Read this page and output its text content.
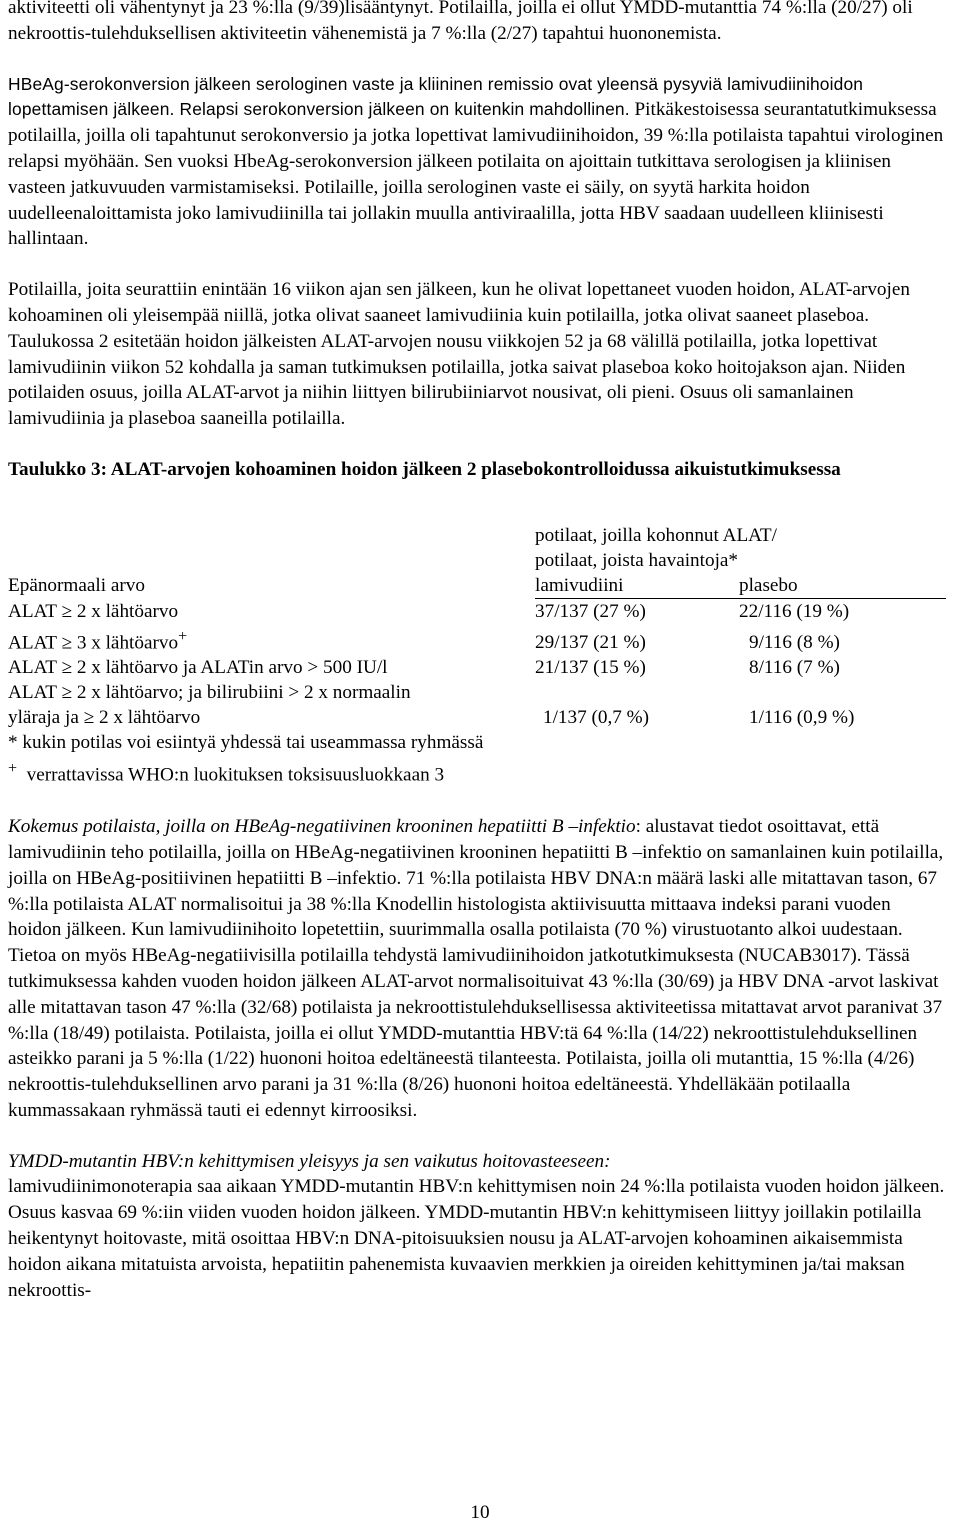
aktiviteetti oli vähentynyt ja 23 %:lla (9/39)lisääntynyt. Potilailla, joilla ei ollut YMDD-mutanttia 74 %:lla (20/27) oli nekroottis-tulehduksellisen aktiviteetin vähenemistä ja 7 %:lla (2/27) tapahtui huononemista.

HBeAg-serokonversion jälkeen serologinen vaste ja kliininen remissio ovat yleensä pysyviä lamivudiinihoidon lopettamisen jälkeen. Relapsi serokonversion jälkeen on kuitenkin mahdollinen. Pitkäkestoisessa seurantatutkimuksessa potilailla, joilla oli tapahtunut serokonversio ja jotka lopettivat lamivudiinihoidon, 39 %:lla potilaista tapahtui virologinen relapsi myöhään. Sen vuoksi HbeAg-serokonversion jälkeen potilaita on ajoittain tutkittava serologisen ja kliinisen vasteen jatkuvuuden varmistamiseksi. Potilaille, joilla serologinen vaste ei säily, on syytä harkita hoidon uudelleenaloittamista joko lamivudiinilla tai jollakin muulla antiviraalilla, jotta HBV saadaan uudelleen kliinisesti hallintaan.

Potilailla, joita seurattiin enintään 16 viikon ajan sen jälkeen, kun he olivat lopettaneet vuoden hoidon, ALAT-arvojen kohoaminen oli yleisempää niillä, jotka olivat saaneet lamivudiinia kuin potilailla, jotka olivat saaneet plaseboa. Taulukossa 2 esitetään hoidon jälkeisten ALAT-arvojen nousu viikkojen 52 ja 68 välillä potilailla, jotka lopettivat lamivudiinin viikon 52 kohdalla ja saman tutkimuksen potilailla, jotka saivat plaseboa koko hoitojakson ajan. Niiden potilaiden osuus, joilla ALAT-arvot ja niihin liittyen bilirubiiniarvot nousivat, oli pieni. Osuus oli samanlainen lamivudiinia ja plaseboa saaneilla potilailla.

Taulukko 3: ALAT-arvojen kohoaminen hoidon jälkeen 2 plasebokontrolloidussa aikuistutkimuksessa

	potilaat, joilla kohonnut ALAT/
potilaat, joista havaintoja*	

Epänormaali arvo	lamivudiini	plasebo
ALAT ≥ 2 x lähtöarvo	37/137 (27 %)	22/116 (19 %)
ALAT ≥ 3 x lähtöarvo+	29/137 (21 %)	9/116 (8 %)
ALAT ≥ 2 x lähtöarvo ja ALATin arvo > 500 IU/l	21/137 (15 %)	8/116 (7 %)

ALAT ≥ 2 x lähtöarvo; ja bilirubiini > 2 x normaalin
yläraja ja ≥ 2 x lähtöarvo	1/137 (0,7 %)	1/116 (0,9 %)
* kukin potilas voi esiintyä yhdessä tai useammassa ryhmässä
+ verrattavissa WHO:n luokituksen toksisuusluokkaan 3

Kokemus potilaista, joilla on HBeAg-negatiivinen krooninen hepatiitti B –infektio: alustavat tiedot osoittavat, että lamivudiinin teho potilailla, joilla on HBeAg-negatiivinen krooninen hepatiitti B –infektio on samanlainen kuin potilailla, joilla on HBeAg-positiivinen hepatiitti B –infektio. 71 %:lla potilaista HBV DNA:n määrä laski alle mitattavan tason, 67 %:lla potilaista ALAT normalisoitui ja 38 %:lla Knodellin histologista aktiivisuutta mittaava indeksi parani vuoden hoidon jälkeen. Kun lamivudiinihoito lopetettiin, suurimmalla osalla potilaista (70 %) virustuotanto alkoi uudestaan. Tietoa on myös HBeAg-negatiivisilla potilailla tehdystä lamivudiinihoidon jatkotutkimuksesta (NUCAB3017). Tässä tutkimuksessa kahden vuoden hoidon jälkeen ALAT-arvot normalisoituivat 43 %:lla (30/69) ja HBV DNA -arvot laskivat alle mitattavan tason 47 %:lla (32/68) potilaista ja nekroottistulehduksellisessa aktiviteetissa mitattavat arvot paranivat 37 %:lla (18/49) potilaista. Potilaista, joilla ei ollut YMDD-mutanttia HBV:tä 64 %:lla (14/22) nekroottistulehduksellinen asteikko parani ja 5 %:lla (1/22) huononi hoitoa edeltäneestä tilanteesta. Potilaista, joilla oli mutanttia, 15 %:lla (4/26) nekroottis-tulehduksellinen arvo parani ja 31 %:lla (8/26) huononi hoitoa edeltäneestä. Yhdelläkään potilaalla kummassakaan ryhmässä tauti ei edennyt kirroosiksi.

YMDD-mutantin HBV:n kehittymisen yleisyys ja sen vaikutus hoitovasteeseen:

lamivudiinimonoterapia saa aikaan YMDD-mutantin HBV:n kehittymisen noin 24 %:lla potilaista vuoden hoidon jälkeen. Osuus kasvaa 69 %:iin viiden vuoden hoidon jälkeen. YMDD-mutantin HBV:n kehittymiseen liittyy joillakin potilailla heikentynyt hoitovaste, mitä osoittaa HBV:n DNA-pitoisuuksien nousu ja ALAT-arvojen kohoaminen aikaisemmista hoidon aikana mitatuista arvoista, hepatiitin pahenemista kuvaavien merkkien ja oireiden kehittyminen ja/tai maksan nekroottis-

10
